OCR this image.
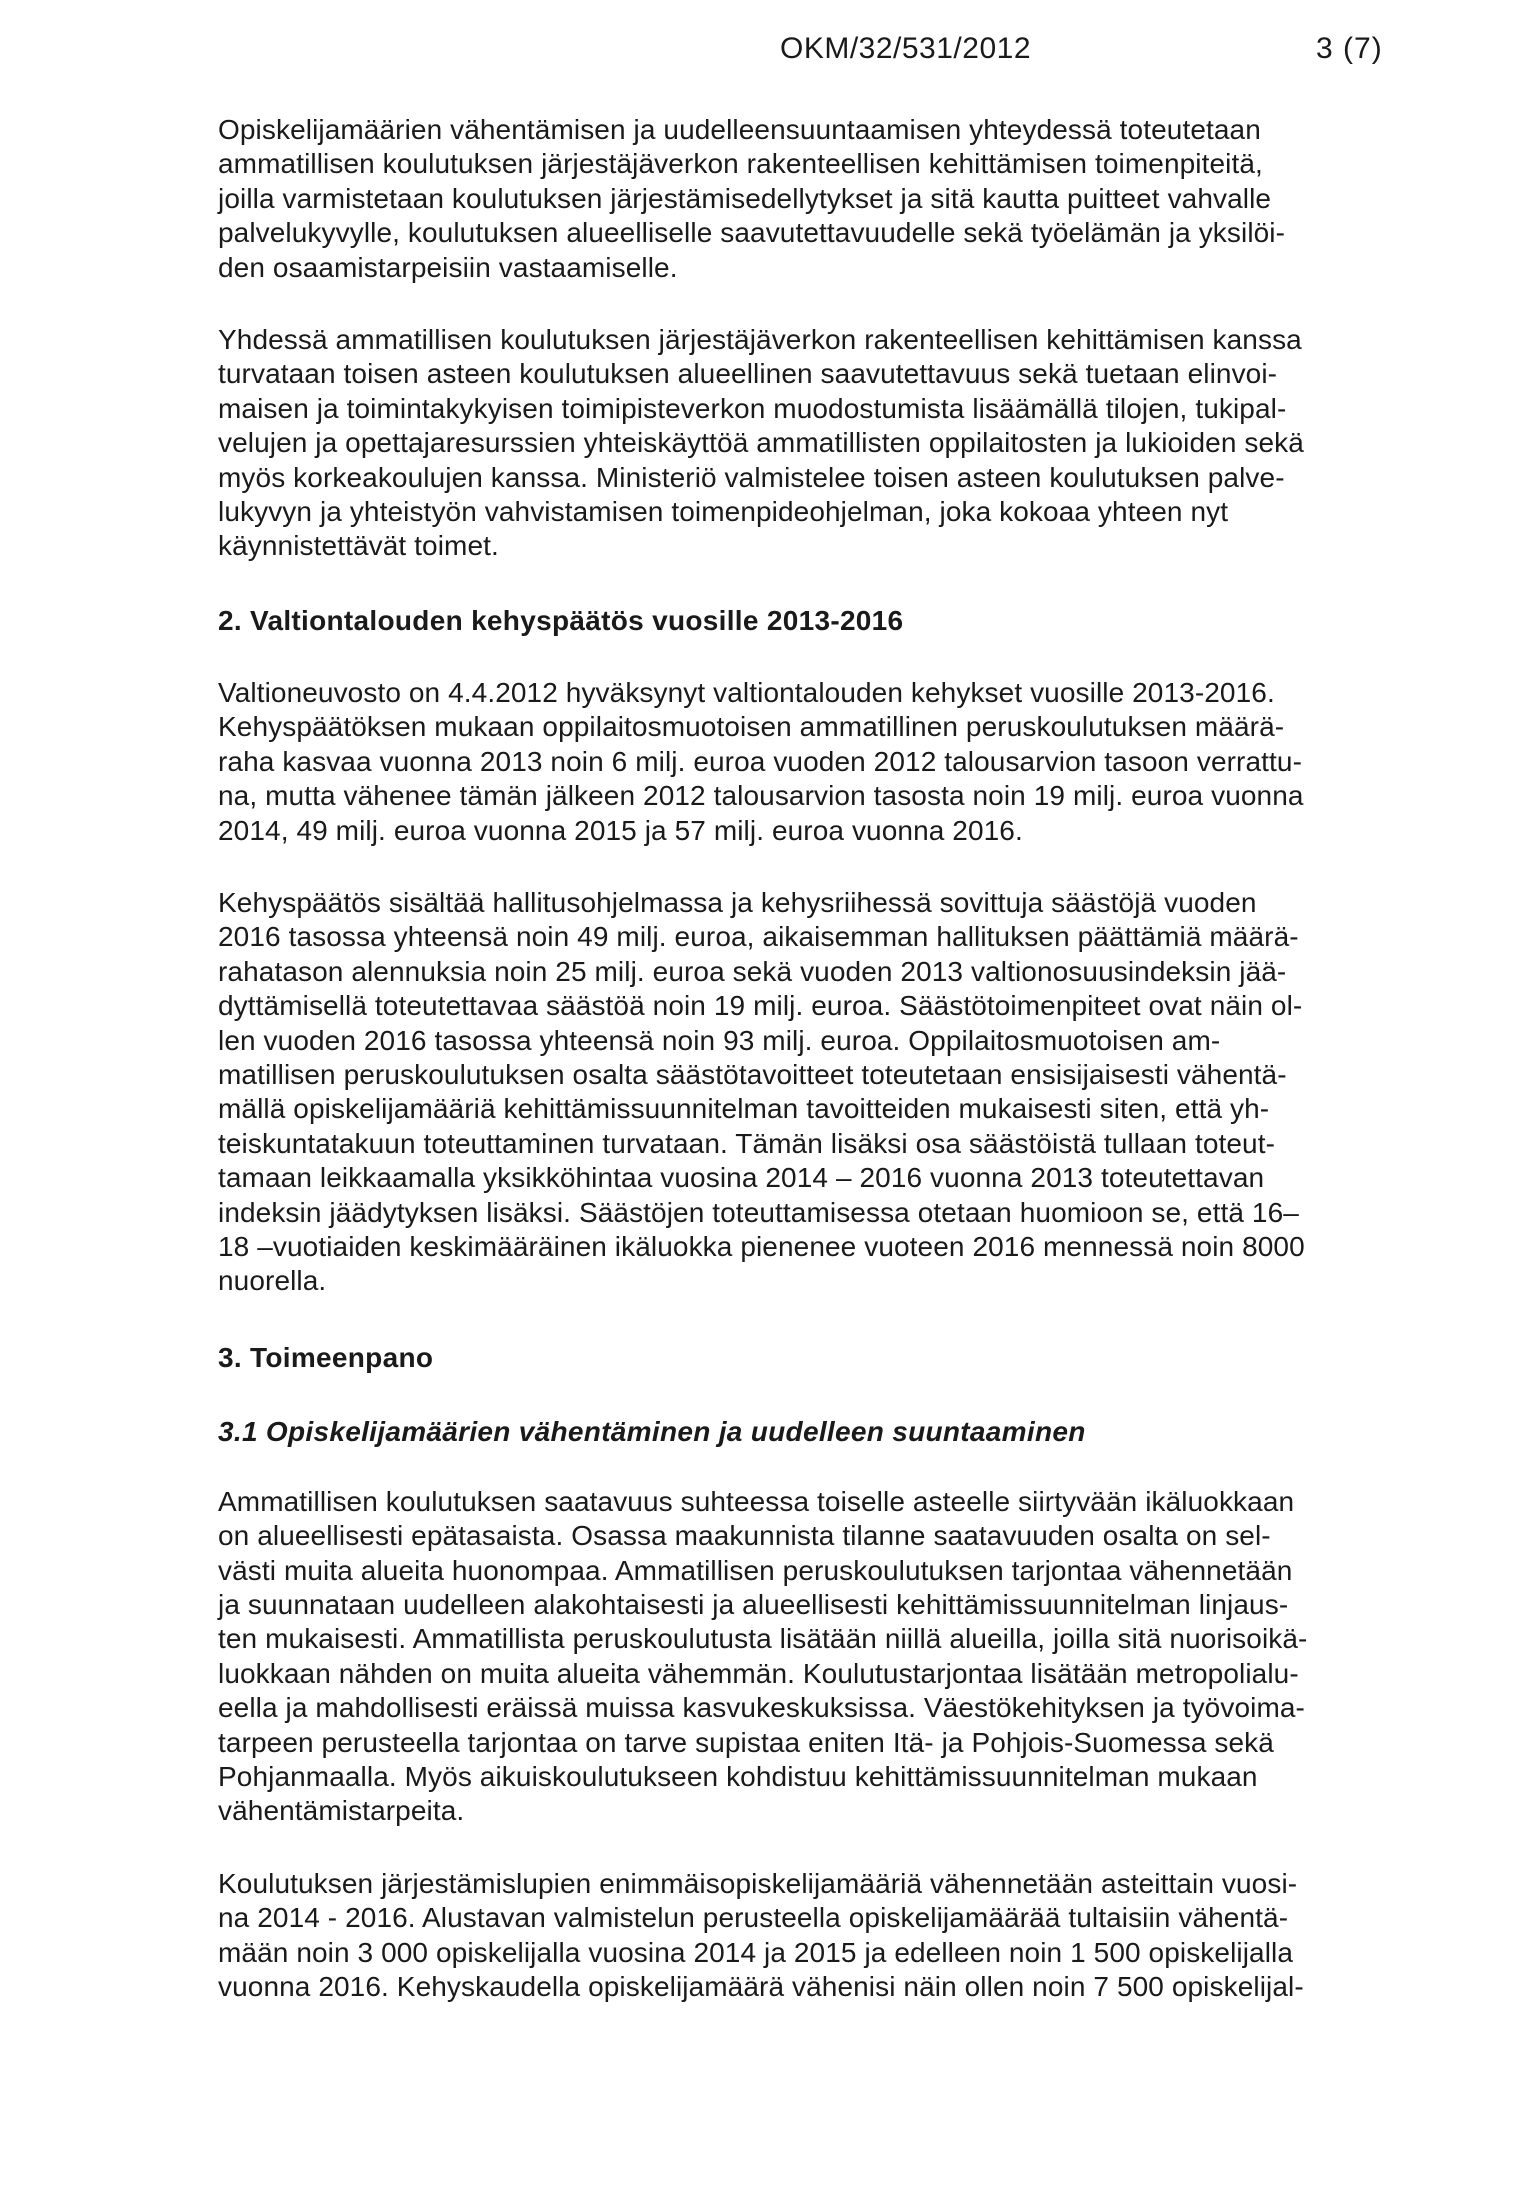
OKM/32/531/2012	3 (7)

Opiskelijamäärien vähentämisen ja uudelleensuuntaamisen yhteydessä toteutetaan
ammatillisen koulutuksen järjestäjäverkon rakenteellisen kehittämisen toimenpiteitä,
joilla varmistetaan koulutuksen järjestämisedellytykset ja sitä kautta puitteet vahvalle
palvelukyvylle, koulutuksen alueelliselle saavutettavuudelle sekä työelämän ja yksilöi-
den osaamistarpeisiin vastaamiselle.

Yhdessä ammatillisen koulutuksen järjestäjäverkon rakenteellisen kehittämisen kanssa
turvataan toisen asteen koulutuksen alueellinen saavutettavuus sekä tuetaan elinvoi-
maisen ja toimintakykyisen toimipisteverkon muodostumista lisäämällä tilojen, tukipal-
velujen ja opettajaresurssien yhteiskäyttöä ammatillisten oppilaitosten ja lukioiden sekä
myös korkeakoulujen kanssa. Ministeriö valmistelee toisen asteen koulutuksen palve-
lukyvyn ja yhteistyön vahvistamisen toimenpideohjelman, joka kokoaa yhteen nyt
käynnistettävät toimet.

2. Valtiontalouden kehyspäätös vuosille 2013-2016

Valtioneuvosto on 4.4.2012 hyväksynyt valtiontalouden kehykset vuosille 2013-2016.
Kehyspäätöksen mukaan oppilaitosmuotoisen ammatillinen peruskoulutuksen määrä-
raha kasvaa vuonna 2013 noin 6 milj. euroa vuoden 2012 talousarvion tasoon verrattu-
na, mutta vähenee tämän jälkeen 2012 talousarvion tasosta noin 19 milj. euroa vuonna
2014, 49 milj. euroa vuonna 2015 ja 57 milj. euroa vuonna 2016.

Kehyspäätös sisältää hallitusohjelmassa ja kehysriihessä sovittuja säästöjä vuoden
2016 tasossa yhteensä noin 49 milj. euroa, aikaisemman hallituksen päättämiä määrä-
rahatason alennuksia noin 25 milj. euroa sekä vuoden 2013 valtionosuusindeksin jää-
dyttämisellä toteutettavaa säästöä noin 19 milj. euroa. Säästötoimenpiteet ovat näin ol-
len vuoden 2016 tasossa yhteensä noin 93 milj. euroa. Oppilaitosmuotoisen am-
matillisen peruskoulutuksen osalta säästötavoitteet toteutetaan ensisijaisesti vähentä-
mällä opiskelijamääriä kehittämissuunnitelman tavoitteiden mukaisesti siten, että yh-
teiskuntatakuun toteuttaminen turvataan. Tämän lisäksi osa säästöistä tullaan toteut-
tamaan leikkaamalla yksikköhintaa vuosina 2014 – 2016 vuonna 2013 toteutettavan
indeksin jäädytyksen lisäksi. Säästöjen toteuttamisessa otetaan huomioon se, että 16–
18 –vuotiaiden keskimääräinen ikäluokka pienenee vuoteen 2016 mennessä noin 8000
nuorella.

3. Toimeenpano
3.1 Opiskelijamäärien vähentäminen ja uudelleen suuntaaminen

Ammatillisen koulutuksen saatavuus suhteessa toiselle asteelle siirtyvään ikäluokkaan
on alueellisesti epätasaista. Osassa maakunnista tilanne saatavuuden osalta on sel-
västi muita alueita huonompaa. Ammatillisen peruskoulutuksen tarjontaa vähennetään
ja suunnataan uudelleen alakohtaisesti ja alueellisesti kehittämissuunnitelman linjaus-
ten mukaisesti. Ammatillista peruskoulutusta lisätään niillä alueilla, joilla sitä nuorisoikä-
luokkaan nähden on muita alueita vähemmän. Koulutustarjontaa lisätään metropolialu-
eella ja mahdollisesti eräissä muissa kasvukeskuksissa. Väestökehityksen ja työvoima-
tarpeen perusteella tarjontaa on tarve supistaa eniten Itä- ja Pohjois-Suomessa sekä
Pohjanmaalla. Myös aikuiskoulutukseen kohdistuu kehittämissuunnitelman mukaan
vähentämistarpeita.

Koulutuksen järjestämislupien enimmäisopiskelijamääriä vähennetään asteittain vuosi-
na 2014 - 2016. Alustavan valmistelun perusteella opiskelijamäärää tultaisiin vähentä-
mään noin 3 000 opiskelijalla vuosina 2014 ja 2015 ja edelleen noin 1 500 opiskelijalla
vuonna 2016. Kehyskaudella opiskelijamäärä vähenisi näin ollen noin 7 500 opiskelijal-
